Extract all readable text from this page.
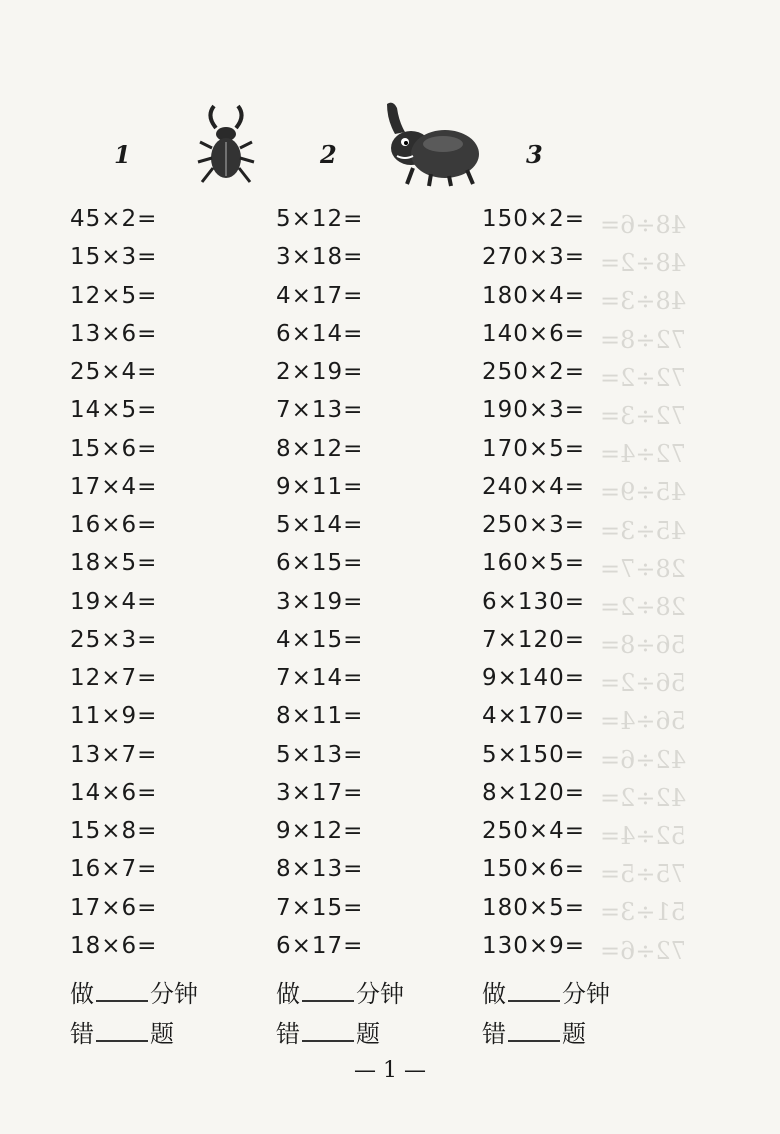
48÷6=
48÷2=
48÷3=
72÷8=
72÷2=
72÷3=
72÷4=
45÷9=
45÷3=
28÷7=
28÷2=
56÷8=
56÷2=
56÷4=
42÷6=
42÷2=
52÷4=
75÷5=
51÷3=
72÷6=
1	2	3
45×2=
15×3=
12×5=
13×6=
25×4=
14×5=
15×6=
17×4=
16×6=
18×5=
19×4=
25×3=
12×7=
11×9=
13×7=
14×6=
15×8=
16×7=
17×6=
18×6=
5×12=
3×18=
4×17=
6×14=
2×19=
7×13=
8×12=
9×11=
5×14=
6×15=
3×19=
4×15=
7×14=
8×11=
5×13=
3×17=
9×12=
8×13=
7×15=
6×17=
150×2=
270×3=
180×4=
140×6=
250×2=
190×3=
170×5=
240×4=
250×3=
160×5=
6×130=
7×120=
9×140=
4×170=
5×150=
8×120=
250×4=
150×6=
180×5=
130×9=
做 分钟
错 题
做 分钟
错 题
做 分钟
错 题
— 1 —
